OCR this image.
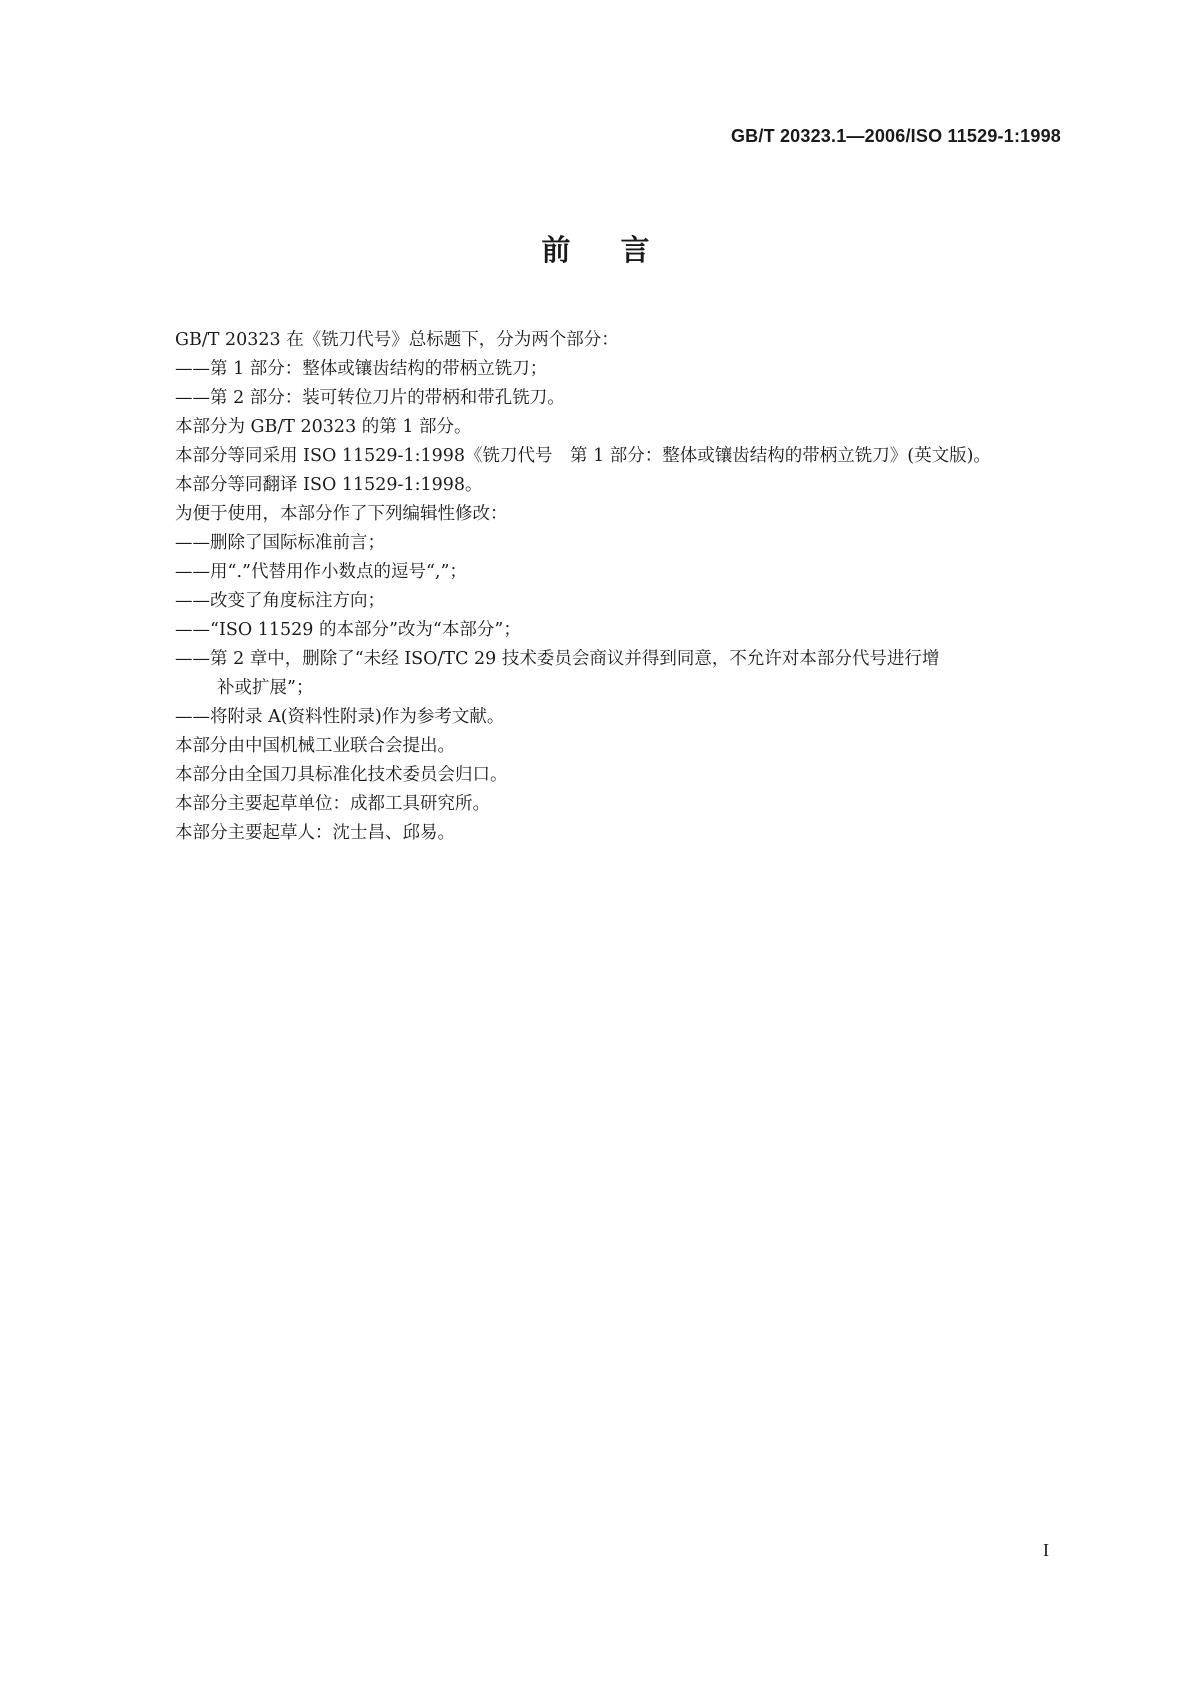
GB/T 20323.1—2006/ISO 11529-1:1998
前言
GB/T 20323 在《铣刀代号》总标题下，分为两个部分：
——第 1 部分：整体或镶齿结构的带柄立铣刀；
——第 2 部分：装可转位刀片的带柄和带孔铣刀。
本部分为 GB/T 20323 的第 1 部分。
本部分等同采用 ISO 11529-1:1998《铣刀代号　第 1 部分：整体或镶齿结构的带柄立铣刀》(英文版)。
本部分等同翻译 ISO 11529-1:1998。
为便于使用，本部分作了下列编辑性修改：
——删除了国际标准前言；
——用“.”代替用作小数点的逗号“,”；
——改变了角度标注方向；
——“ISO 11529 的本部分”改为“本部分”；
——第 2 章中，删除了“未经 ISO/TC 29 技术委员会商议并得到同意，不允许对本部分代号进行增
补或扩展”；
——将附录 A(资料性附录)作为参考文献。
本部分由中国机械工业联合会提出。
本部分由全国刀具标准化技术委员会归口。
本部分主要起草单位：成都工具研究所。
本部分主要起草人：沈士昌、邱易。
I
